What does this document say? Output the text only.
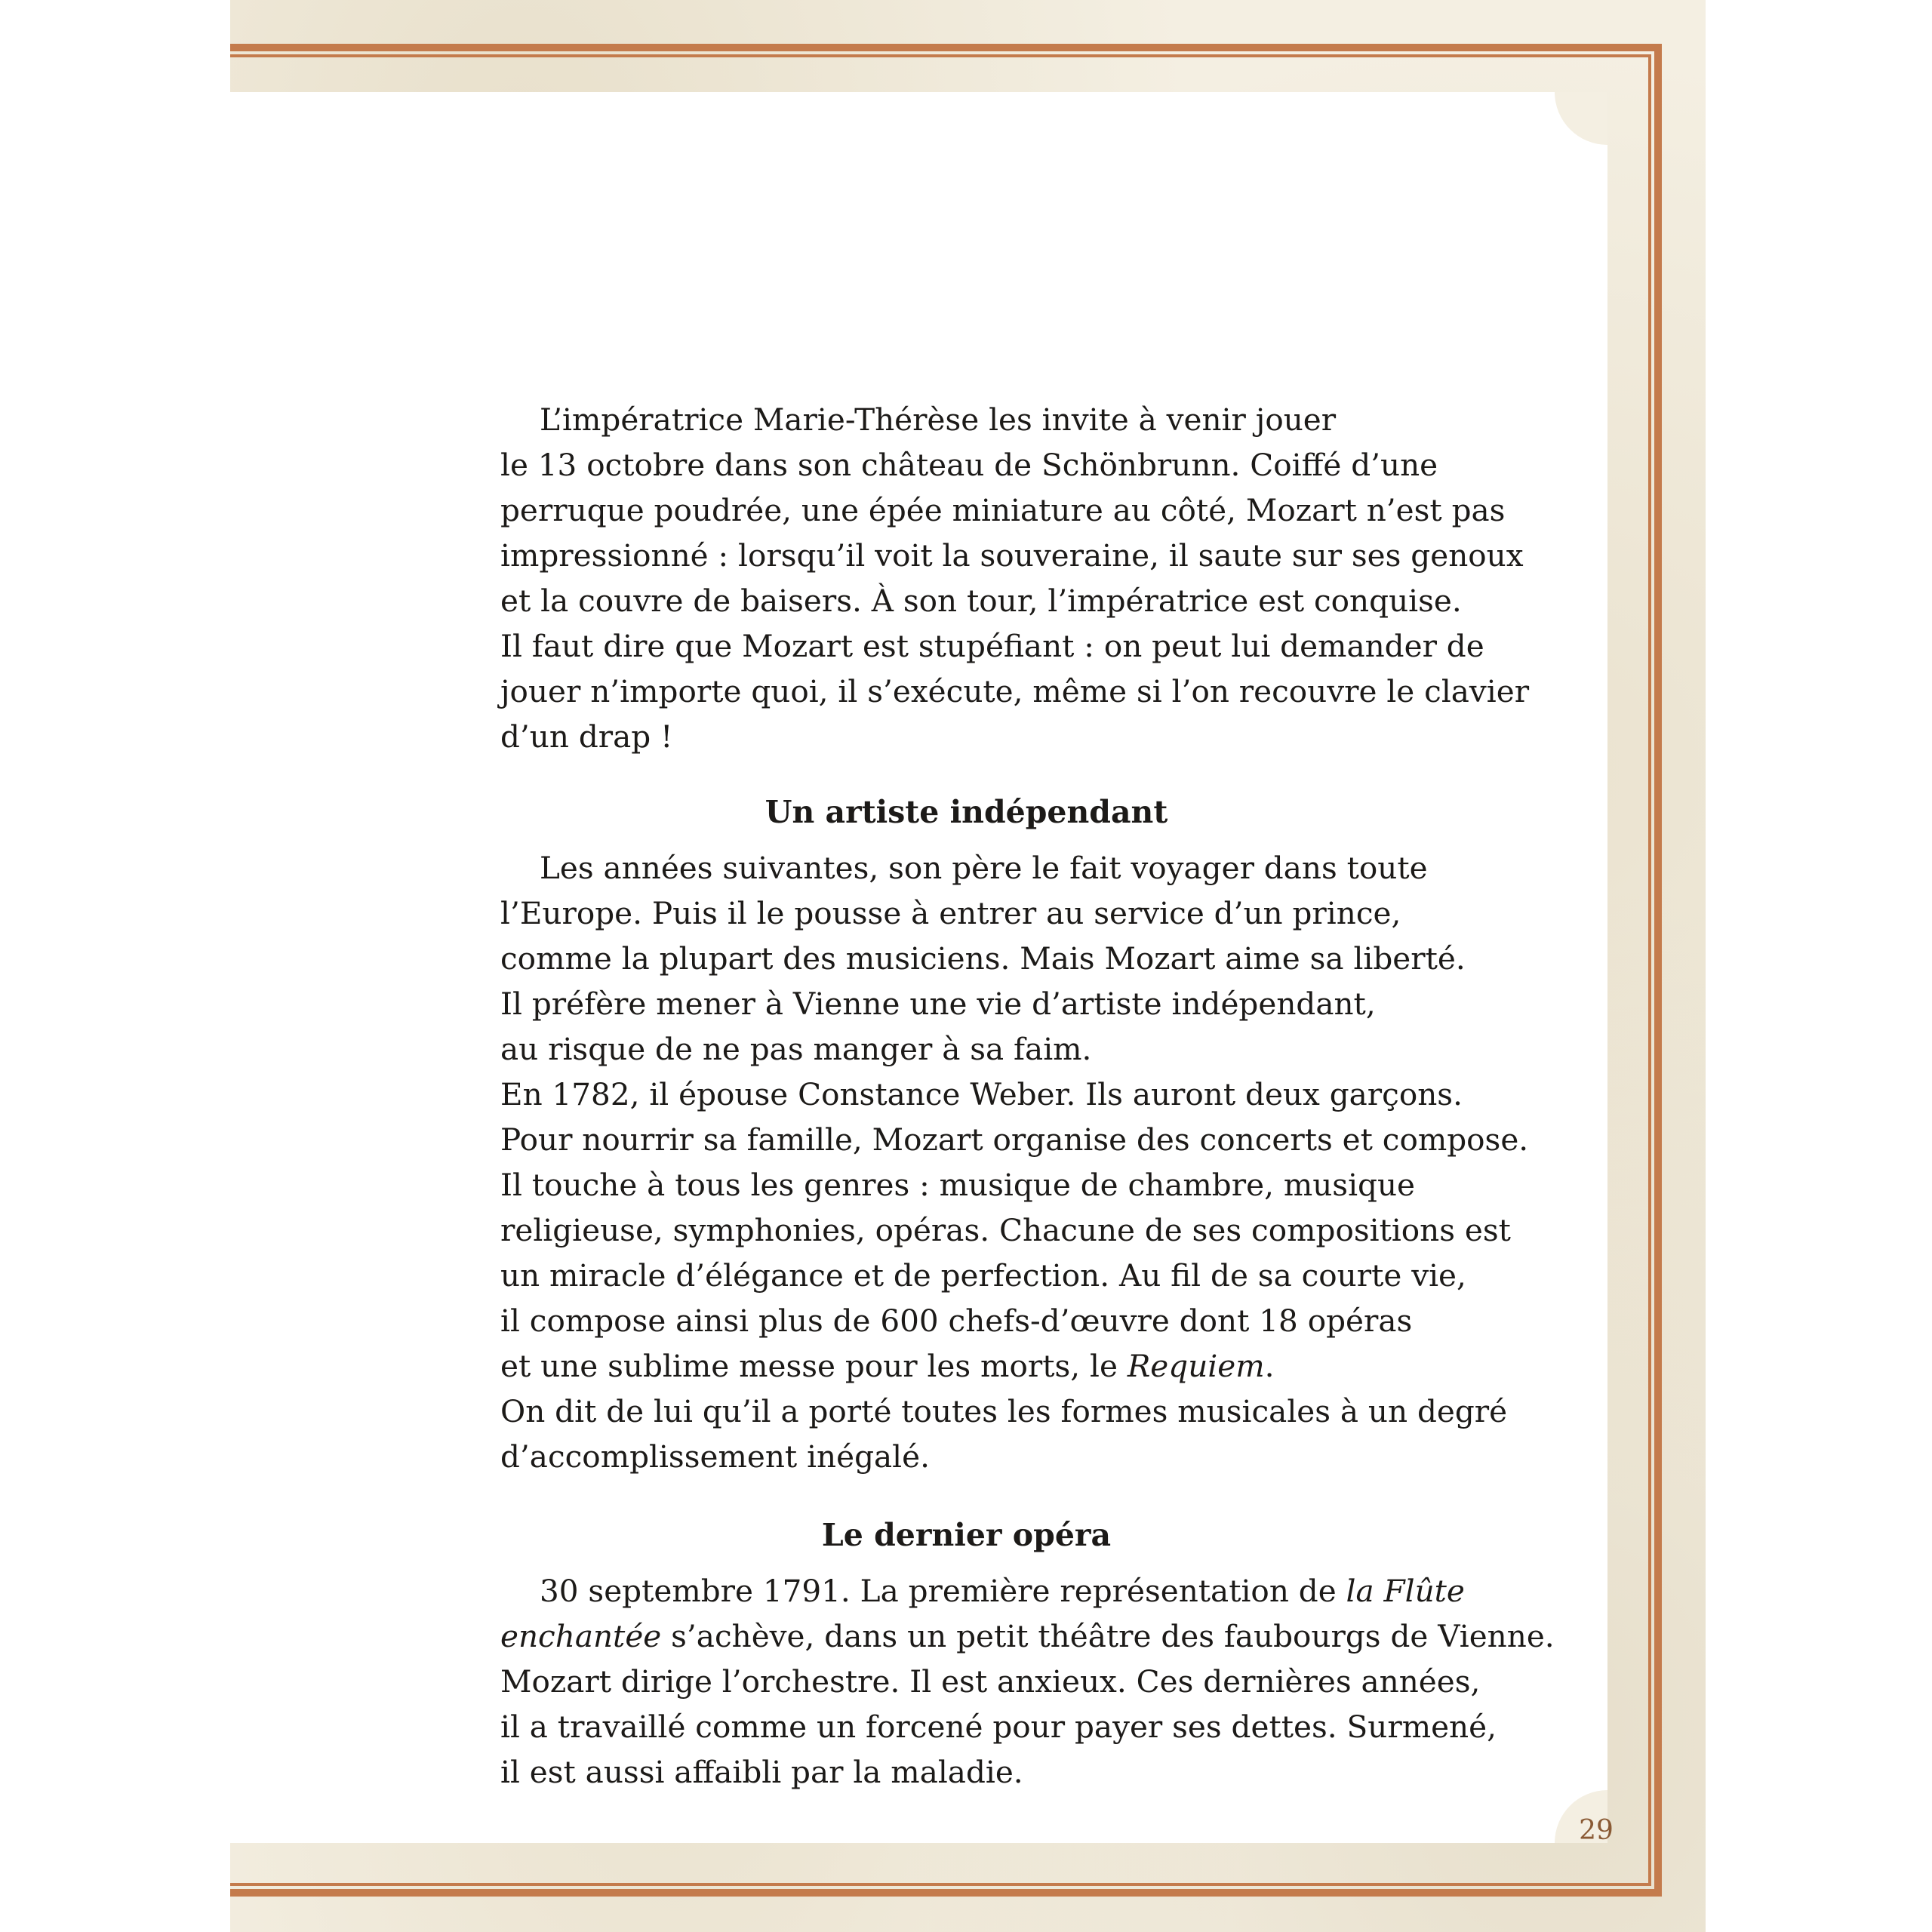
L’impératrice Marie-Thérèse les invite à venir jouer
le 13 octobre dans son château de Schönbrunn. Coiffé d’une
perruque poudrée, une épée miniature au côté, Mozart n’est pas
impressionné : lorsqu’il voit la souveraine, il saute sur ses genoux
et la couvre de baisers. À son tour, l’impératrice est conquise.
Il faut dire que Mozart est stupéfiant : on peut lui demander de
jouer n’importe quoi, il s’exécute, même si l’on recouvre le clavier
d’un drap !
Un artiste indépendant
Les années suivantes, son père le fait voyager dans toute
l’Europe. Puis il le pousse à entrer au service d’un prince,
comme la plupart des musiciens. Mais Mozart aime sa liberté.
Il préfère mener à Vienne une vie d’artiste indépendant,
au risque de ne pas manger à sa faim.
En 1782, il épouse Constance Weber. Ils auront deux garçons.
Pour nourrir sa famille, Mozart organise des concerts et compose.
Il touche à tous les genres : musique de chambre, musique
religieuse, symphonies, opéras. Chacune de ses compositions est
un miracle d’élégance et de perfection. Au fil de sa courte vie,
il compose ainsi plus de 600 chefs-d’œuvre dont 18 opéras
et une sublime messe pour les morts, le Requiem.
On dit de lui qu’il a porté toutes les formes musicales à un degré
d’accomplissement inégalé.
Le dernier opéra
30 septembre 1791. La première représentation de la Flûte
enchantée s’achève, dans un petit théâtre des faubourgs de Vienne.
Mozart dirige l’orchestre. Il est anxieux. Ces dernières années,
il a travaillé comme un forcené pour payer ses dettes. Surmené,
il est aussi affaibli par la maladie.
29
